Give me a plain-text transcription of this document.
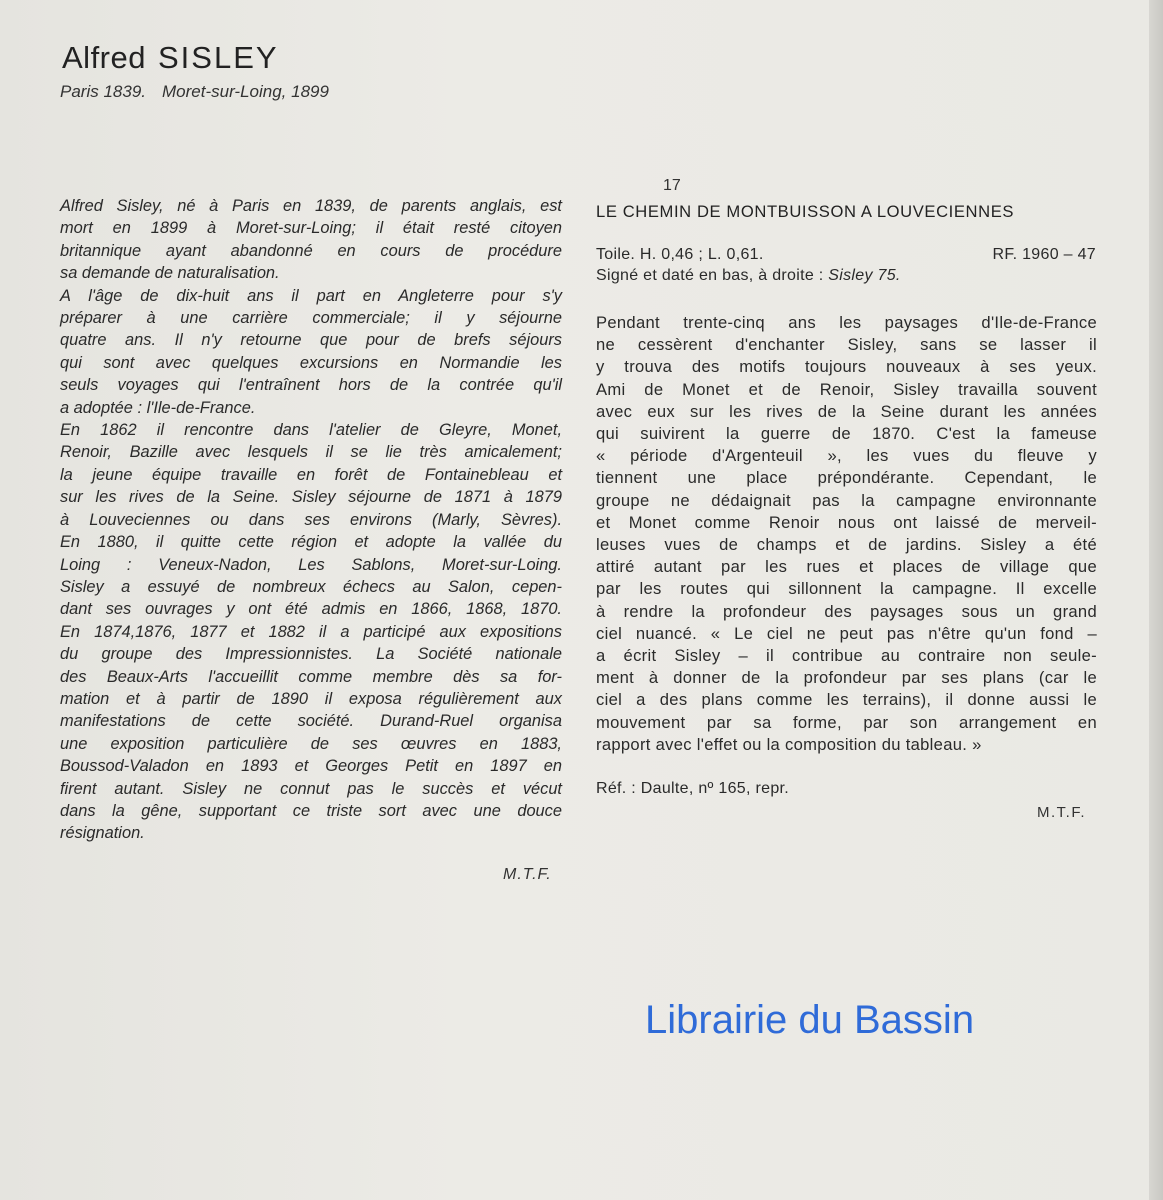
Alfred SISLEY
Paris 1839. Moret-sur-Loing, 1899

Alfred Sisley, né à Paris en 1839, de parents anglais, est

mort en 1899 à Moret-sur-Loing; il était resté citoyen

britannique ayant abandonné en cours de procédure

sa demande de naturalisation.

A l'âge de dix-huit ans il part en Angleterre pour s'y

préparer à une carrière commerciale; il y séjourne

quatre ans. Il n'y retourne que pour de brefs séjours

qui sont avec quelques excursions en Normandie les

seuls voyages qui l'entraînent hors de la contrée qu'il

a adoptée : l'Ile-de-France.

En 1862 il rencontre dans l'atelier de Gleyre, Monet,

Renoir, Bazille avec lesquels il se lie très amicalement;

la jeune équipe travaille en forêt de Fontainebleau et

sur les rives de la Seine. Sisley séjourne de 1871 à 1879

à Louveciennes ou dans ses environs (Marly, Sèvres).

En 1880, il quitte cette région et adopte la vallée du

Loing : Veneux-Nadon, Les Sablons, Moret-sur-Loing.

Sisley a essuyé de nombreux échecs au Salon, cepen-

dant ses ouvrages y ont été admis en 1866, 1868, 1870.

En 1874,1876, 1877 et 1882 il a participé aux expositions

du groupe des Impressionnistes. La Société nationale

des Beaux-Arts l'accueillit comme membre dès sa for-

mation et à partir de 1890 il exposa régulièrement aux

manifestations de cette société. Durand-Ruel organisa

une exposition particulière de ses œuvres en 1883,

Boussod-Valadon en 1893 et Georges Petit en 1897 en

firent autant. Sisley ne connut pas le succès et vécut

dans la gêne, supportant ce triste sort avec une douce

résignation.

M.T.F.
17
LE CHEMIN DE MONTBUISSON A LOUVECIENNES
Toile. H. 0,46 ; L. 0,61.	RF. 1960 – 47
Signé et daté en bas, à droite : Sisley 75.

Pendant trente-cinq ans les paysages d'Ile-de-France

ne cessèrent d'enchanter Sisley, sans se lasser il

y trouva des motifs toujours nouveaux à ses yeux.

Ami de Monet et de Renoir, Sisley travailla souvent

avec eux sur les rives de la Seine durant les années

qui suivirent la guerre de 1870. C'est la fameuse

« période d'Argenteuil », les vues du fleuve y

tiennent une place prépondérante. Cependant, le

groupe ne dédaignait pas la campagne environnante

et Monet comme Renoir nous ont laissé de merveil-

leuses vues de champs et de jardins. Sisley a été

attiré autant par les rues et places de village que

par les routes qui sillonnent la campagne. Il excelle

à rendre la profondeur des paysages sous un grand

ciel nuancé. « Le ciel ne peut pas n'être qu'un fond –

a écrit Sisley – il contribue au contraire non seule-

ment à donner de la profondeur par ses plans (car le

ciel a des plans comme les terrains), il donne aussi le

mouvement par sa forme, par son arrangement en

rapport avec l'effet ou la composition du tableau. »

Réf. : Daulte, nº 165, repr.
M.T.F.
Librairie du Bassin
